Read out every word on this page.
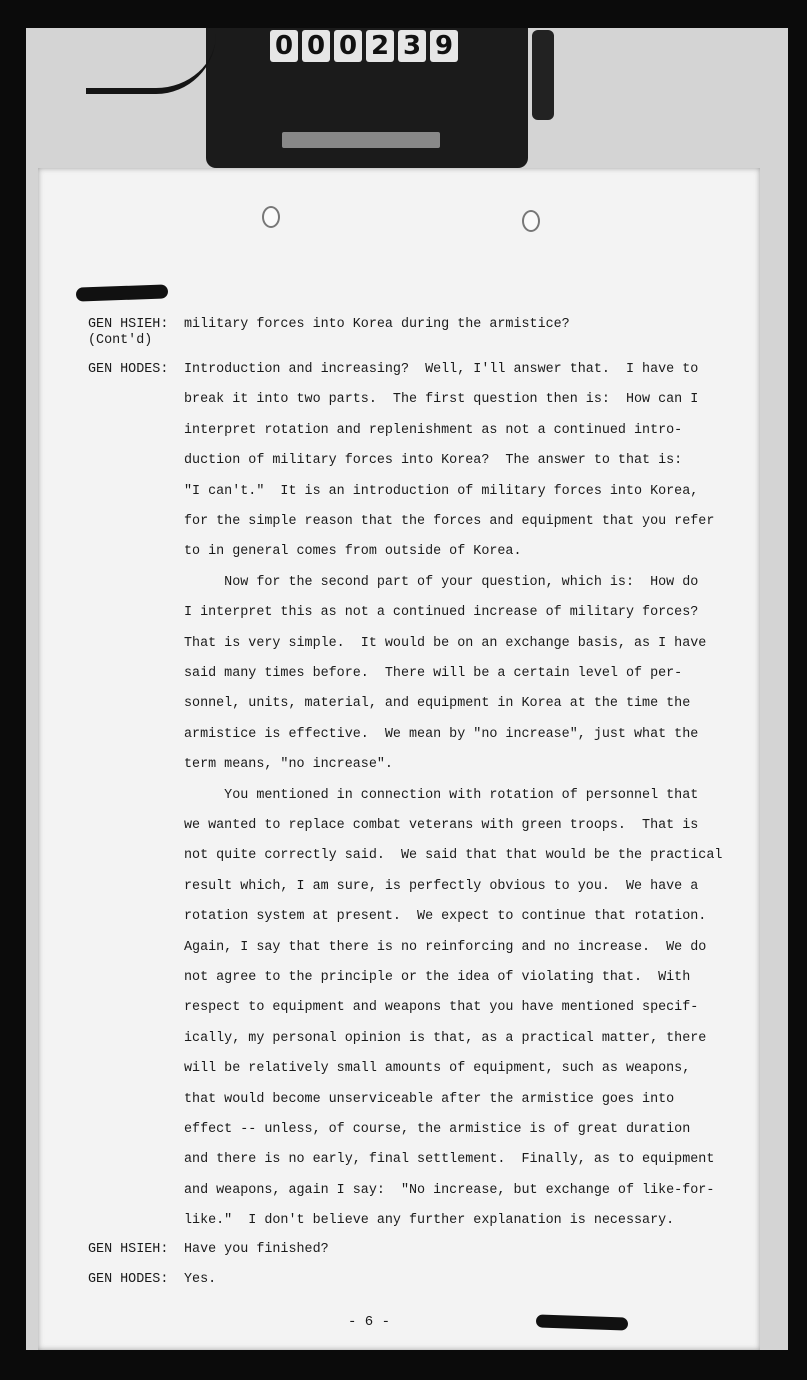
0 0 0 2 3 9
GEN HSIEH:
(Cont'd)
military forces into Korea during the armistice?
GEN HODES: Introduction and increasing?  Well, I'll answer that.  I have to
break it into two parts.  The first question then is:  How can I
interpret rotation and replenishment as not a continued intro-
duction of military forces into Korea?  The answer to that is:
"I can't."  It is an introduction of military forces into Korea,
for the simple reason that the forces and equipment that you refer
to in general comes from outside of Korea.
Now for the second part of your question, which is:  How do
I interpret this as not a continued increase of military forces?
That is very simple.  It would be on an exchange basis, as I have
said many times before.  There will be a certain level of per-
sonnel, units, material, and equipment in Korea at the time the
armistice is effective.  We mean by "no increase", just what the
term means, "no increase".
You mentioned in connection with rotation of personnel that
we wanted to replace combat veterans with green troops.  That is
not quite correctly said.  We said that that would be the practical
result which, I am sure, is perfectly obvious to you.  We have a
rotation system at present.  We expect to continue that rotation.
Again, I say that there is no reinforcing and no increase.  We do
not agree to the principle or the idea of violating that.  With
respect to equipment and weapons that you have mentioned specif-
ically, my personal opinion is that, as a practical matter, there
will be relatively small amounts of equipment, such as weapons,
that would become unserviceable after the armistice goes into
effect -- unless, of course, the armistice is of great duration
and there is no early, final settlement.  Finally, as to equipment
and weapons, again I say:  "No increase, but exchange of like-for-
like."  I don't believe any further explanation is necessary.
GEN HSIEH: Have you finished?
GEN HODES: Yes.
- 6 -
